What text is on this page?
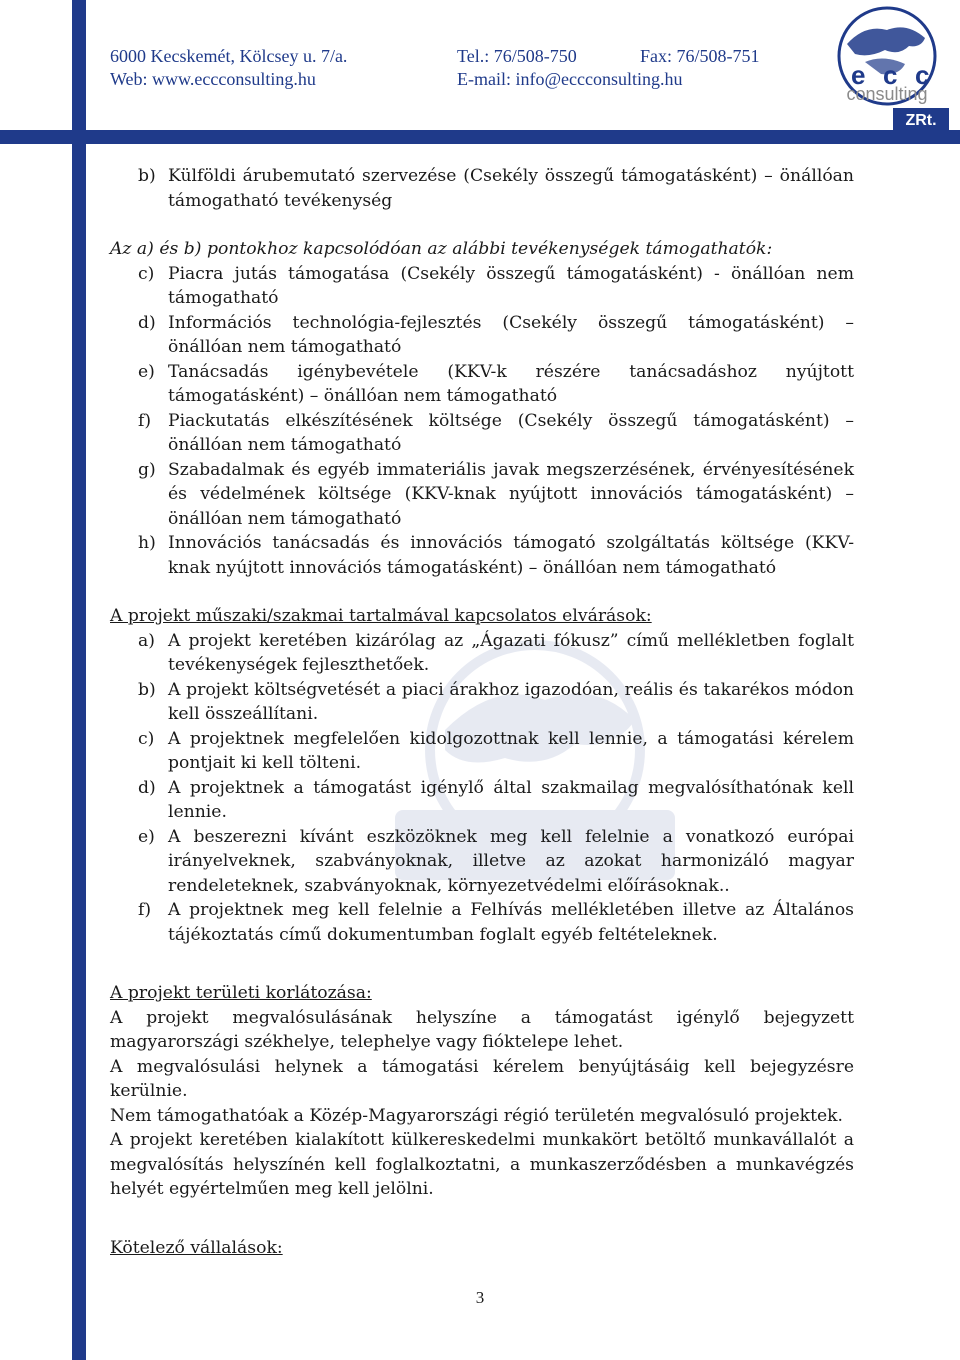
6000 Kecskemét, Kölcsey u. 7/a.	Tel.: 76/508-750	Fax: 76/508-751
Web: www.eccconsulting.hu	E-mail: info@eccconsulting.hu	e c c
consulting
ZRt.
b) Külföldi árubemutató szervezése (Csekély összegű támogatásként) – önállóan támogatható tevékenység
Az a) és b) pontokhoz kapcsolódóan az alábbi tevékenységek támogathatók:
c) Piacra jutás támogatása (Csekély összegű támogatásként) - önállóan nem támogatható
d) Információs technológia-fejlesztés (Csekély összegű támogatásként) – önállóan nem támogatható
e) Tanácsadás igénybevétele (KKV-k részére tanácsadáshoz nyújtott támogatásként) – önállóan nem támogatható
f) Piackutatás elkészítésének költsége (Csekély összegű támogatásként) – önállóan nem támogatható
g) Szabadalmak és egyéb immateriális javak megszerzésének, érvényesítésének és védelmének költsége (KKV-knak nyújtott innovációs támogatásként) – önállóan nem támogatható
h) Innovációs tanácsadás és innovációs támogató szolgáltatás költsége (KKV-knak nyújtott innovációs támogatásként) – önállóan nem támogatható
A projekt műszaki/szakmai tartalmával kapcsolatos elvárások:
a) A projekt keretében kizárólag az „Ágazati fókusz” című mellékletben foglalt tevékenységek fejleszthetőek.
b) A projekt költségvetését a piaci árakhoz igazodóan, reális és takarékos módon kell összeállítani.
c) A projektnek megfelelően kidolgozottnak kell lennie, a támogatási kérelem pontjait ki kell tölteni.
d) A projektnek a támogatást igénylő által szakmailag megvalósíthatónak kell lennie.
e) A beszerezni kívánt eszközöknek meg kell felelnie a vonatkozó európai irányelveknek, szabványoknak, illetve az azokat harmonizáló magyar rendeleteknek, szabványoknak, környezetvédelmi előírásoknak..
f) A projektnek meg kell felelnie a Felhívás mellékletében illetve az Általános tájékoztatás című dokumentumban foglalt egyéb feltételeknek.
A projekt területi korlátozása:
A projekt megvalósulásának helyszíne a támogatást igénylő bejegyzett magyarországi székhelye, telephelye vagy fióktelepe lehet.
A megvalósulási helynek a támogatási kérelem benyújtásáig kell bejegyzésre kerülnie.
Nem támogathatóak a Közép-Magyarországi régió területén megvalósuló projektek.
A projekt keretében kialakított külkereskedelmi munkakört betöltő munkavállalót a megvalósítás helyszínén kell foglalkoztatni, a munkaszerződésben a munkavégzés helyét egyértelműen meg kell jelölni.
Kötelező vállalások:
3
